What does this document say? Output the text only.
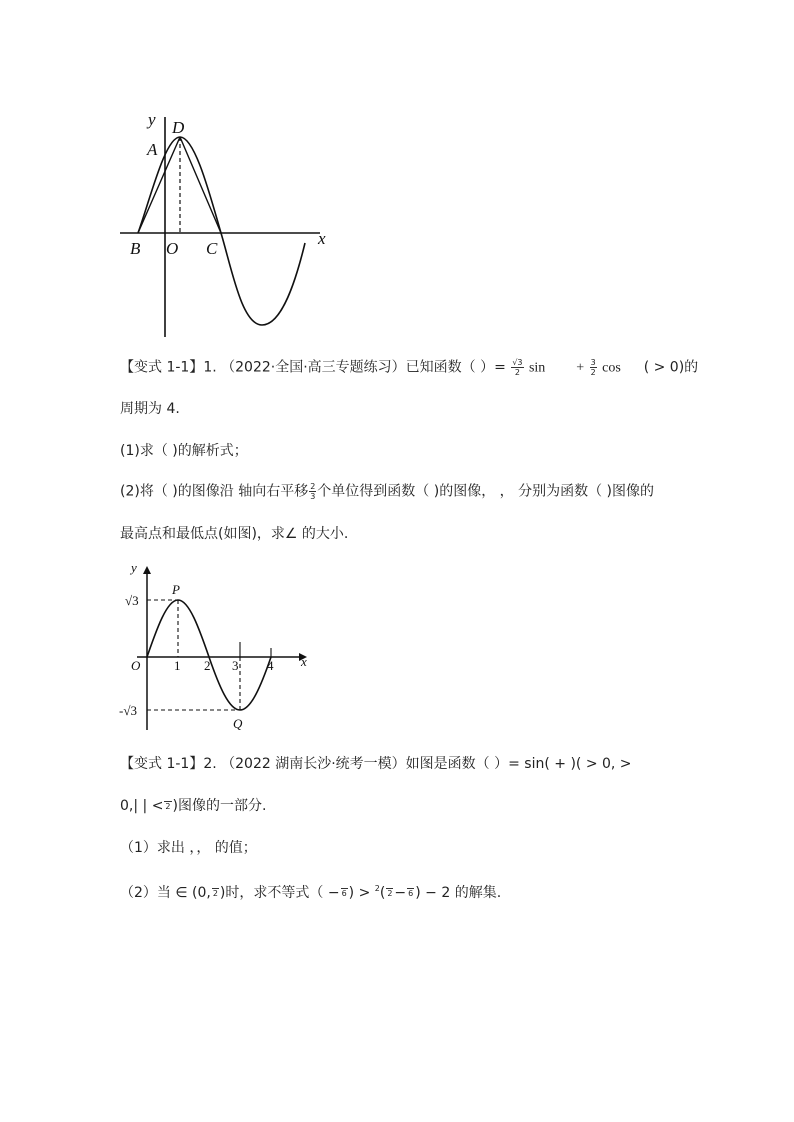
y D
A
x
B O C
【变式 1-1】1. （2022·全国·高三专题练习）已知函数（ ）= $\frac{√3}{2}$ $\sin + \frac{3}{2}$ cos ( > 0)的
周期为 4.
(1)求（ )的解析式；
(2)将（ )的图像沿 轴向右平移 $\frac{2}{3}$ 个单位得到函数（ )的图像， ， 分别为函数（ )图像的
最高点和最低点(如图)，求∠ 的大小.
y
P
√3
O	1 2 3 4 x
-√3
Q
【变式 1-1】2. （2022 湖南长沙·统考一模）如图是函数（ ）= sin( + )( > 0, >
0,| | < 2 )图像的一部分.
（1）求出 ，， 的值；
（2）当 ∈ (0, 2 )时，求不等式（ − 6 ) > $^2$( 2 − 6 ) − 2 的解集.
